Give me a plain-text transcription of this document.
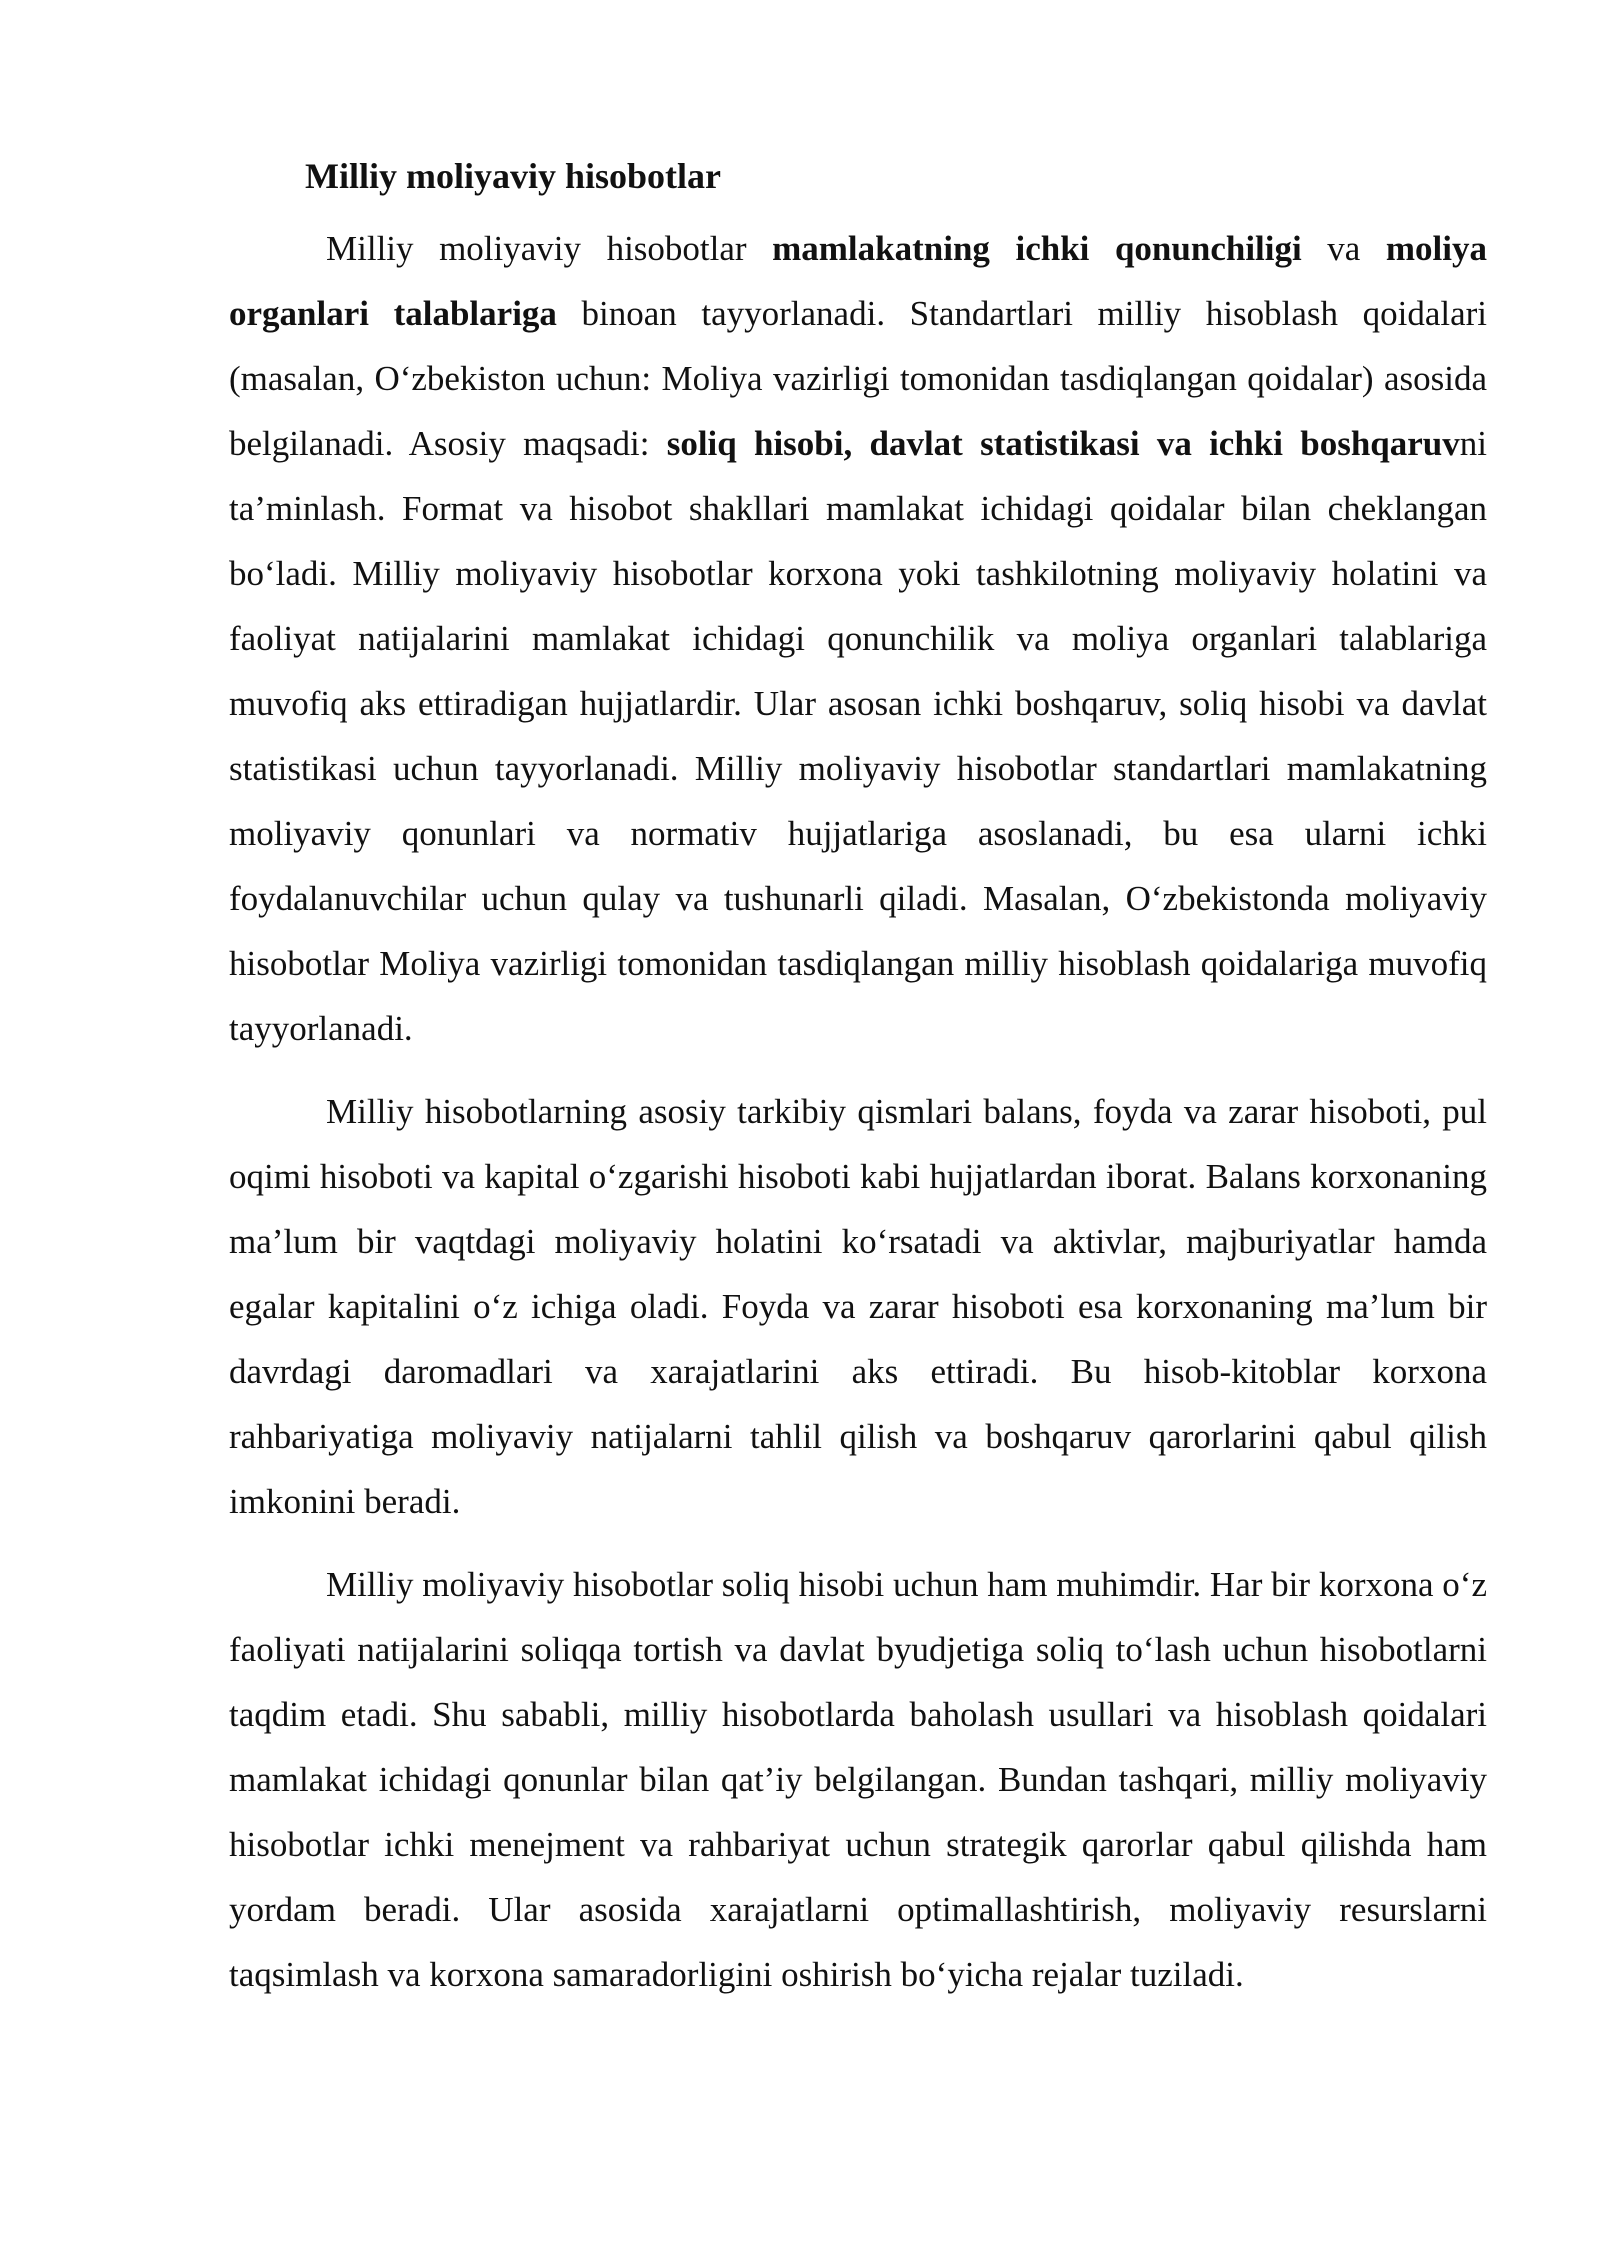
Milliy moliyaviy hisobotlar

Milliy moliyaviy hisobotlar mamlakatning ichki qonunchiligi va moliya organlari talablariga binoan tayyorlanadi. Standartlari milliy hisoblash qoidalari (masalan, O‘zbekiston uchun: Moliya vazirligi tomonidan tasdiqlangan qoidalar) asosida belgilanadi. Asosiy maqsadi: soliq hisobi, davlat statistikasi va ichki boshqaruvni ta’minlash. Format va hisobot shakllari mamlakat ichidagi qoidalar bilan cheklangan bo‘ladi. Milliy moliyaviy hisobotlar korxona yoki tashkilotning moliyaviy holatini va faoliyat natijalarini mamlakat ichidagi qonunchilik va moliya organlari talablariga muvofiq aks ettiradigan hujjatlardir. Ular asosan ichki boshqaruv, soliq hisobi va davlat statistikasi uchun tayyorlanadi. Milliy moliyaviy hisobotlar standartlari mamlakatning moliyaviy qonunlari va normativ hujjatlariga asoslanadi, bu esa ularni ichki foydalanuvchilar uchun qulay va tushunarli qiladi. Masalan, O‘zbekistonda moliyaviy hisobotlar Moliya vazirligi tomonidan tasdiqlangan milliy hisoblash qoidalariga muvofiq tayyorlanadi.

Milliy hisobotlarning asosiy tarkibiy qismlari balans, foyda va zarar hisoboti, pul oqimi hisoboti va kapital o‘zgarishi hisoboti kabi hujjatlardan iborat. Balans korxonaning ma’lum bir vaqtdagi moliyaviy holatini ko‘rsatadi va aktivlar, majburiyatlar hamda egalar kapitalini o‘z ichiga oladi. Foyda va zarar hisoboti esa korxonaning ma’lum bir davrdagi daromadlari va xarajatlarini aks ettiradi. Bu hisob-kitoblar korxona rahbariyatiga moliyaviy natijalarni tahlil qilish va boshqaruv qarorlarini qabul qilish imkonini beradi.

Milliy moliyaviy hisobotlar soliq hisobi uchun ham muhimdir. Har bir korxona o‘z faoliyati natijalarini soliqqa tortish va davlat byudjetiga soliq to‘lash uchun hisobotlarni taqdim etadi. Shu sababli, milliy hisobotlarda baholash usullari va hisoblash qoidalari mamlakat ichidagi qonunlar bilan qat’iy belgilangan. Bundan tashqari, milliy moliyaviy hisobotlar ichki menejment va rahbariyat uchun strategik qarorlar qabul qilishda ham yordam beradi. Ular asosida xarajatlarni optimallashtirish, moliyaviy resurslarni taqsimlash va korxona samaradorligini oshirish bo‘yicha rejalar tuziladi.
